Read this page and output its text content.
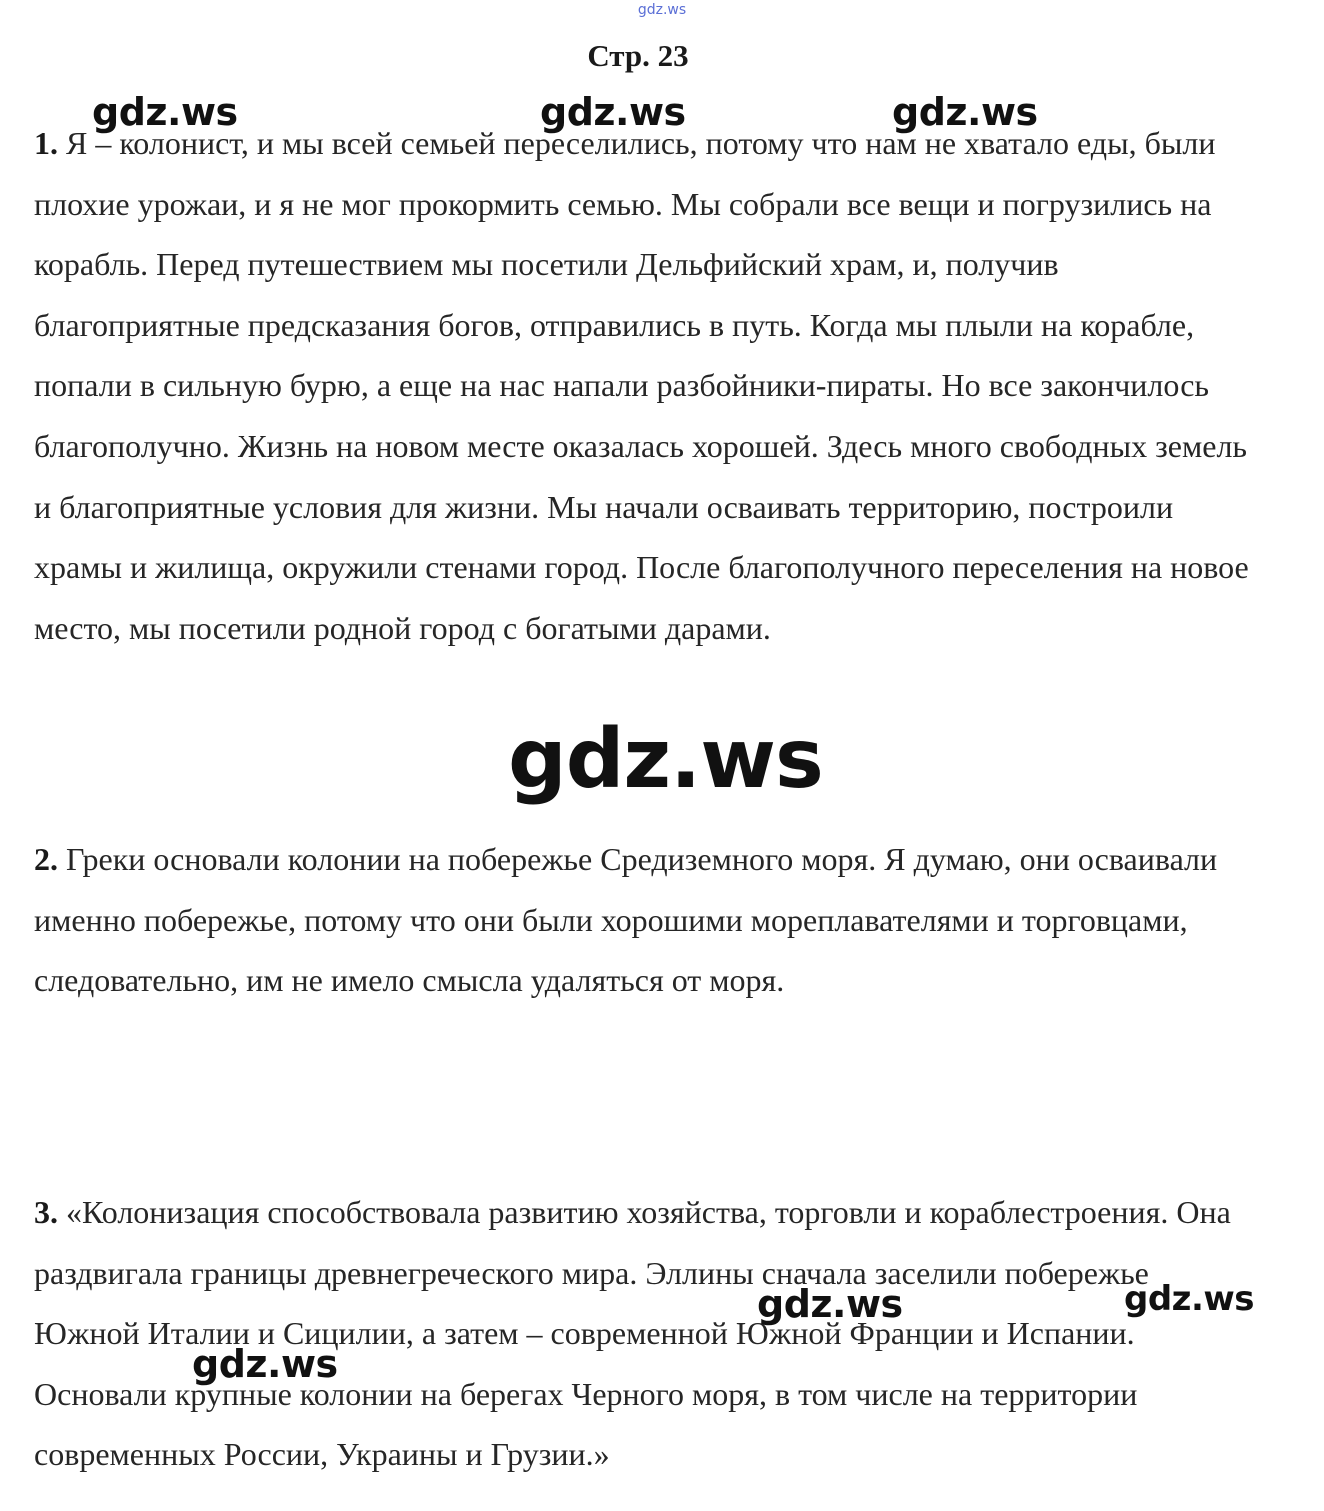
gdz.ws
Стр. 23
1. Я – колонист, и мы всей семьей переселились, потому что нам не хватало еды, были плохие урожаи, и я не мог прокормить семью. Мы собрали все вещи и погрузились на корабль. Перед путешествием мы посетили Дельфийский храм, и, получив благоприятные предсказания богов, отправились в путь. Когда мы плыли на корабле, попали в сильную бурю, а еще на нас напали разбойники-пираты. Но все закончилось благополучно. Жизнь на новом месте оказалась хорошей. Здесь много свободных земель и благоприятные условия для жизни. Мы начали осваивать территорию, построили храмы и жилища, окружили стенами город. После благополучного переселения на новое место, мы посетили родной город с богатыми дарами.
2. Греки основали колонии на побережье Средиземного моря. Я думаю, они осваивали именно побережье, потому что они были хорошими мореплавателями и торговцами, следовательно, им не имело смысла удаляться от моря.
3. «Колонизация способствовала развитию хозяйства, торговли и кораблестроения. Она раздвигала границы древнегреческого мира. Эллины сначала заселили побережье Южной Италии и Сицилии, а затем – современной Южной Франции и Испании. Основали крупные колонии на берегах Черного моря, в том числе на территории современных России, Украины и Грузии.»
gdz.ws	gdz.ws	gdz.ws
gdz.ws
gdz.ws	gdz.ws
gdz.ws
